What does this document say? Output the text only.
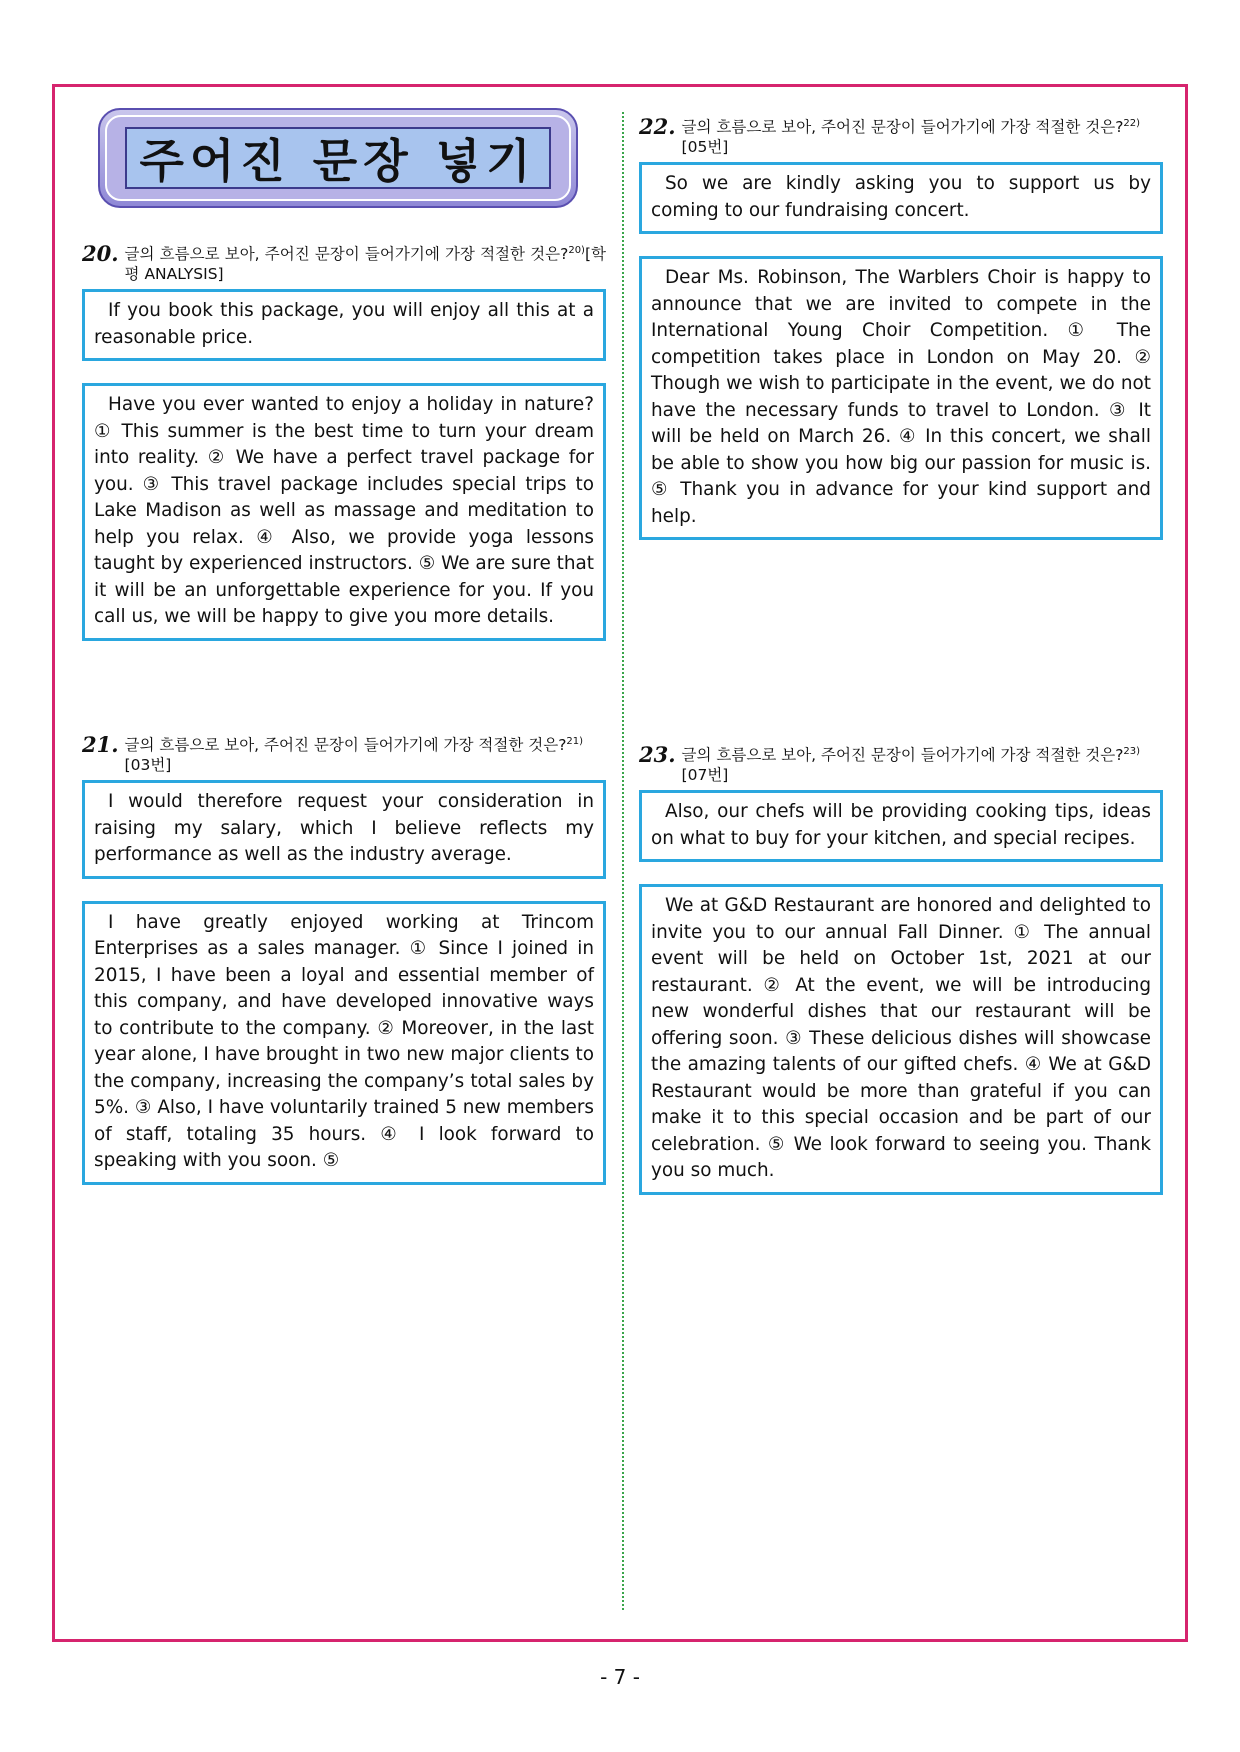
주어진 문장 넣기
20. 글의 흐름으로 보아, 주어진 문장이 들어가기에 가장 적절한 것은?$^{20)}$[학평 ANALYSIS]
If you book this package, you will enjoy all this at a reasonable price.
Have you ever wanted to enjoy a holiday in nature? ① This summer is the best time to turn your dream into reality. ② We have a perfect travel package for you. ③ This travel package includes special trips to Lake Madison as well as massage and meditation to help you relax. ④ Also, we provide yoga lessons taught by experienced instructors. ⑤ We are sure that it will be an unforgettable experience for you. If you call us, we will be happy to give you more details.
21. 글의 흐름으로 보아, 주어진 문장이 들어가기에 가장 적절한 것은?$^{21)}$
[03번]
I would therefore request your consideration in raising my salary, which I believe reflects my performance as well as the industry average.
I have greatly enjoyed working at Trincom Enterprises as a sales manager. ① Since I joined in 2015, I have been a loyal and essential member of this company, and have developed innovative ways to contribute to the company. ② Moreover, in the last year alone, I have brought in two new major clients to the company, increasing the company’s total sales by 5%. ③ Also, I have voluntarily trained 5 new members of staff, totaling 35 hours. ④ I look forward to speaking with you soon. ⑤
22. 글의 흐름으로 보아, 주어진 문장이 들어가기에 가장 적절한 것은?$^{22)}$
[05번]
So we are kindly asking you to support us by coming to our fundraising concert.
Dear Ms. Robinson, The Warblers Choir is happy to announce that we are invited to compete in the International Young Choir Competition. ① The competition takes place in London on May 20. ② Though we wish to participate in the event, we do not have the necessary funds to travel to London. ③ It will be held on March 26. ④ In this concert, we shall be able to show you how big our passion for music is. ⑤ Thank you in advance for your kind support and help.
23. 글의 흐름으로 보아, 주어진 문장이 들어가기에 가장 적절한 것은?$^{23)}$
[07번]
Also, our chefs will be providing cooking tips, ideas on what to buy for your kitchen, and special recipes.
We at G&D Restaurant are honored and delighted to invite you to our annual Fall Dinner. ① The annual event will be held on October 1st, 2021 at our restaurant. ② At the event, we will be introducing new wonderful dishes that our restaurant will be offering soon. ③ These delicious dishes will showcase the amazing talents of our gifted chefs. ④ We at G&D Restaurant would be more than grateful if you can make it to this special occasion and be part of our celebration. ⑤ We look forward to seeing you. Thank you so much.
- 7 -
